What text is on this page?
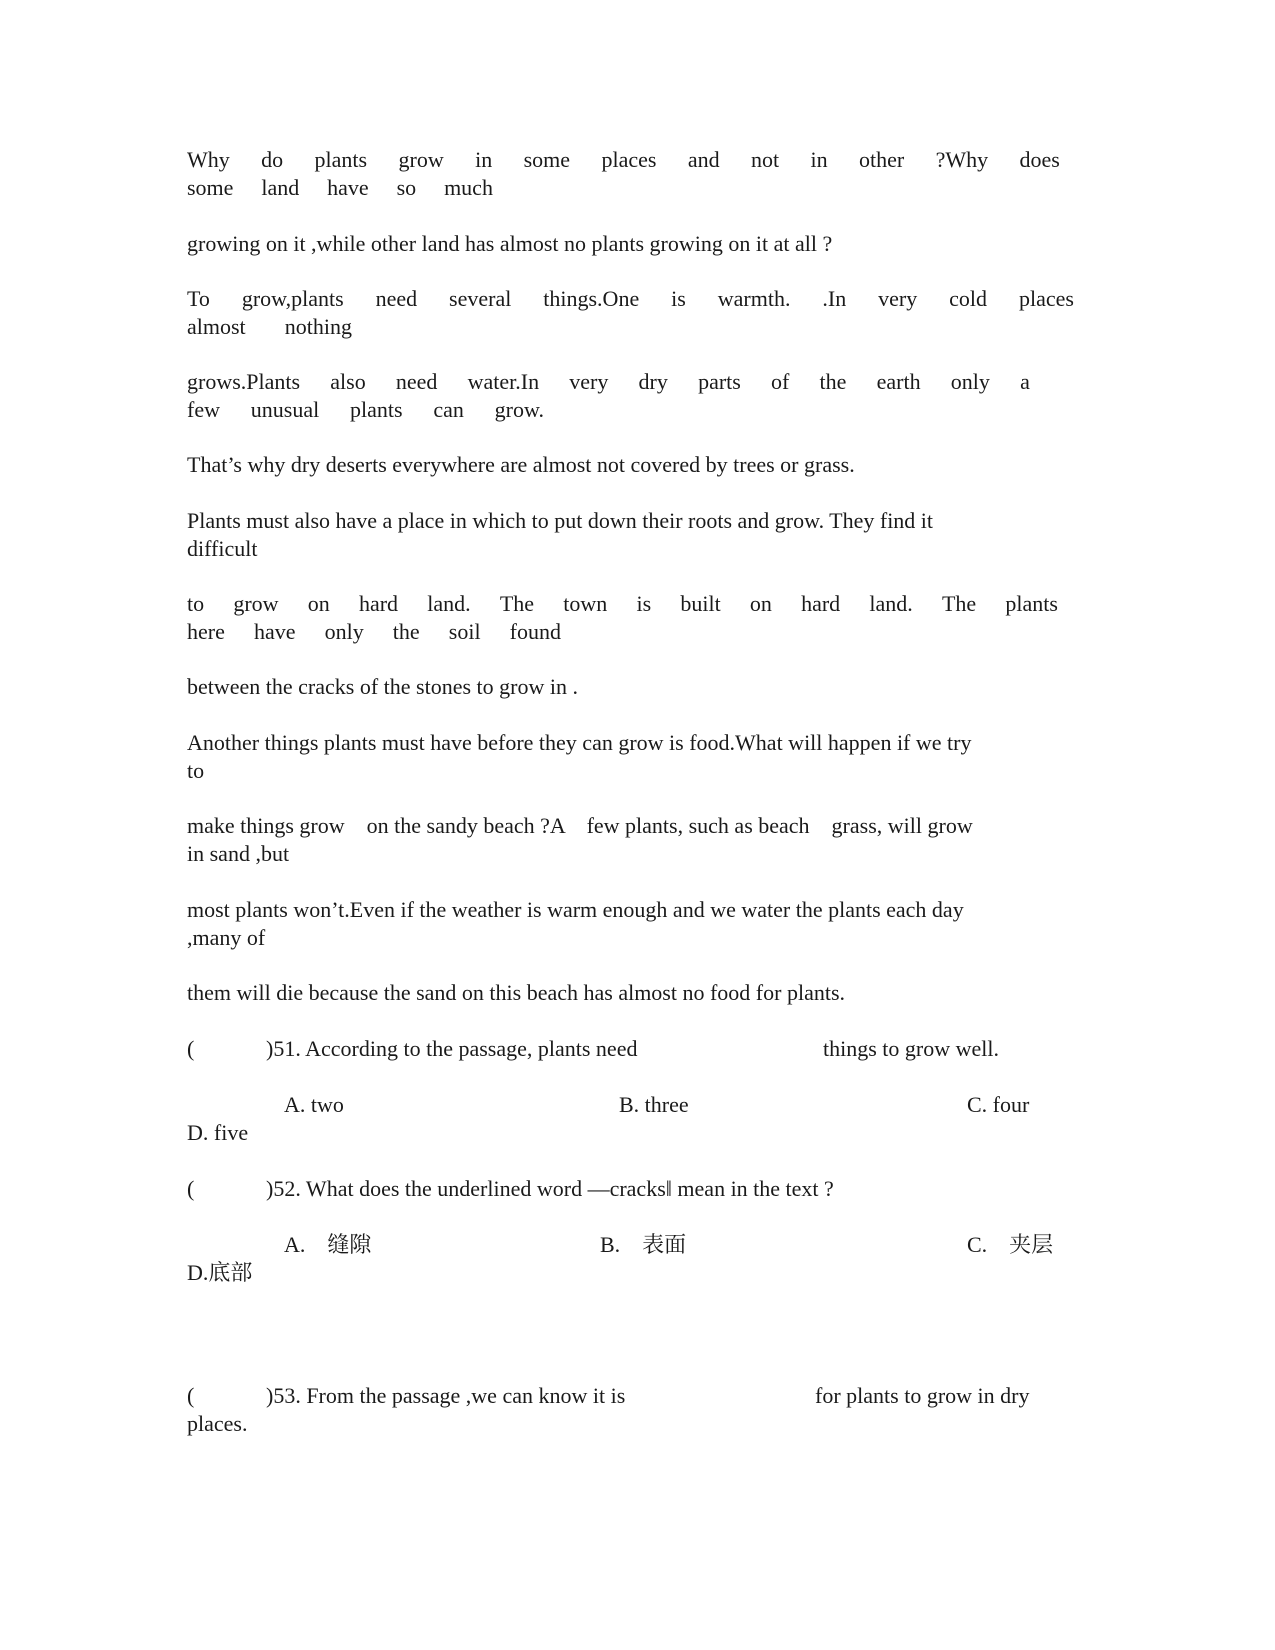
Why do plants grow in some places and not in other ?Why does
some land have so much
growing on it ,while other land has almost no plants growing on it at all ?
To grow,plants need several things.One is warmth. .In very cold places
almost nothing
grows.Plants also need water.In very dry parts of the earth only a
few unusual plants can grow.
That’s why dry deserts everywhere are almost not covered by trees or grass.
Plants must also have a place in which to put down their roots and grow. They find it
difficult
to grow on hard land. The town is built on hard land. The plants
here have only the soil found
between the cracks of the stones to grow in .
Another things plants must have before they can grow is food.What will happen if we try
to
make things grow    on the sandy beach ?A    few plants, such as beach    grass, will grow
in sand ,but
most plants won’t.Even if the weather is warm enough and we water the plants each day
,many of
them will die because the sand on this beach has almost no food for plants.
(	)51. According to the passage, plants need	things to grow well.
A. two	B. three	C. four
D. five
(	)52. What does the underlined word ―cracks‖ mean in the text ?
A.    缝隙	B.    表面	C.    夹层
D.底部
(	)53. From the passage ,we can know it is	for plants to grow in dry
places.
